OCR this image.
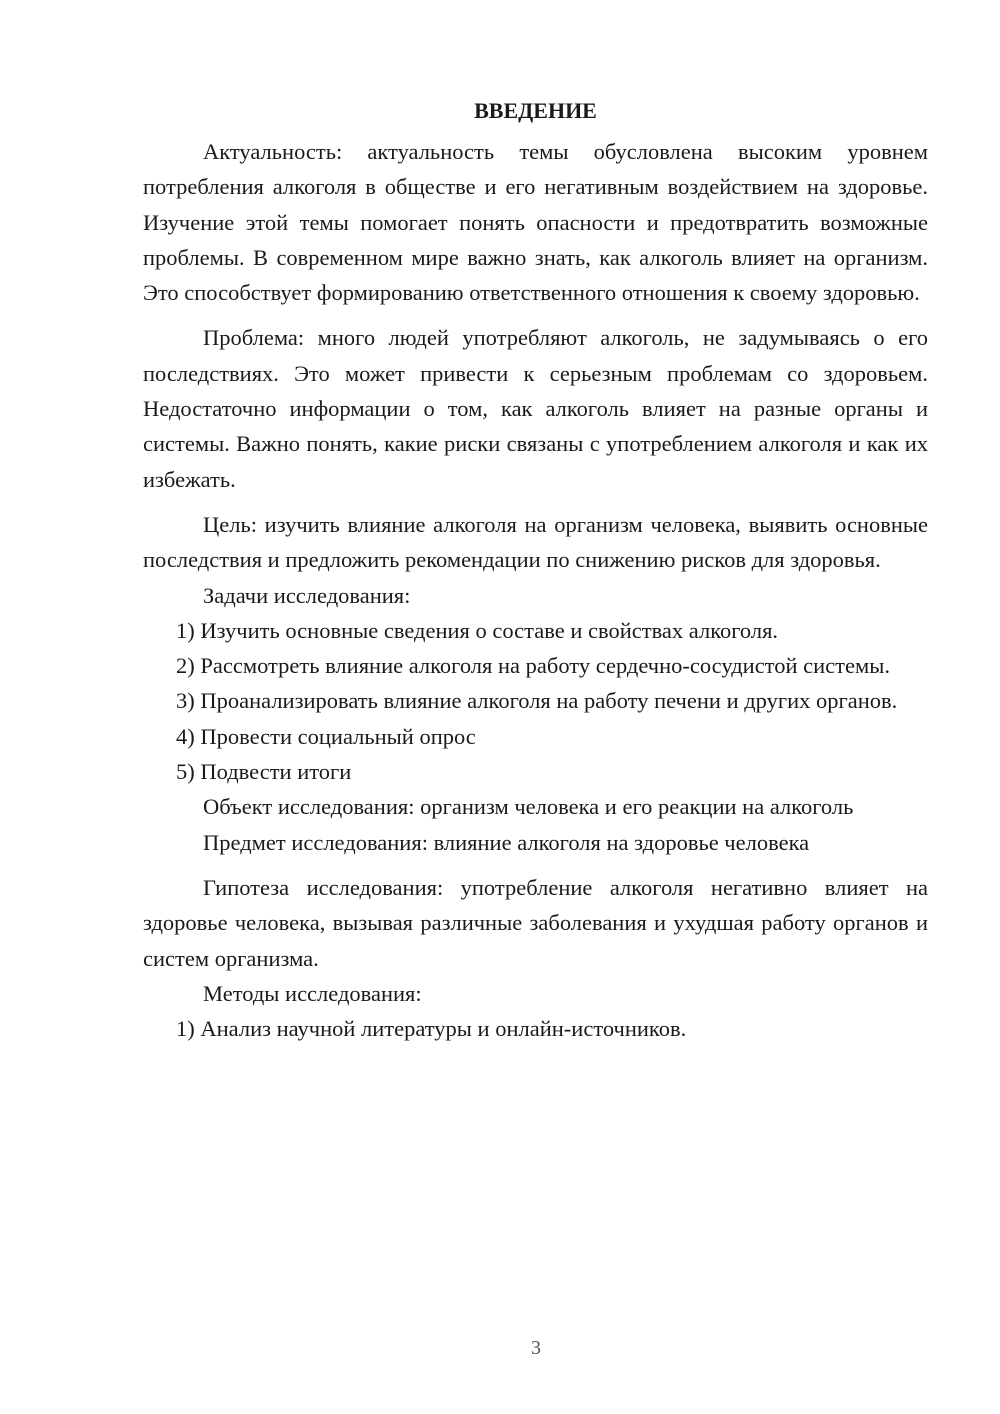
ВВЕДЕНИЕ

Актуальность: актуальность темы обусловлена высоким уровнем потребления алкоголя в обществе и его негативным воздействием на здоровье. Изучение этой темы помогает понять опасности и предотвратить возможные проблемы. В современном мире важно знать, как алкоголь влияет на организм. Это способствует формированию ответственного отношения к своему здоровью.

Проблема: много людей употребляют алкоголь, не задумываясь о его последствиях. Это может привести к серьезным проблемам со здоровьем. Недостаточно информации о том, как алкоголь влияет на разные органы и системы. Важно понять, какие риски связаны с употреблением алкоголя и как их избежать.

Цель: изучить влияние алкоголя на организм человека, выявить основные последствия и предложить рекомендации по снижению рисков для здоровья.

Задачи исследования:

1) Изучить основные сведения о составе и свойствах алкоголя.

2) Рассмотреть влияние алкоголя на работу сердечно-сосудистой системы.

3) Проанализировать влияние алкоголя на работу печени и других органов.

4) Провести социальный опрос

5) Подвести итоги

Объект исследования: организм человека и его реакции на алкоголь

Предмет исследования: влияние алкоголя на здоровье человека

Гипотеза исследования: употребление алкоголя негативно влияет на здоровье человека, вызывая различные заболевания и ухудшая работу органов и систем организма.

Методы исследования:

1) Анализ научной литературы и онлайн-источников.

3
